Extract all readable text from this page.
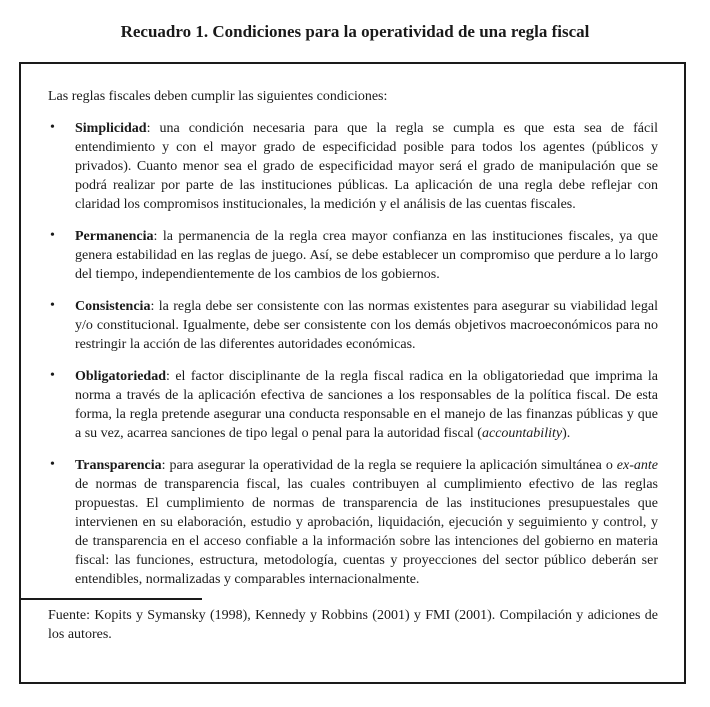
Recuadro 1. Condiciones para la operatividad de una regla fiscal

Las reglas fiscales deben cumplir las siguientes condiciones:

• Simplicidad: una condición necesaria para que la regla se cumpla es que esta sea de fácil entendimiento y con el mayor grado de especificidad posible para todos los agentes (públicos y privados). Cuanto menor sea el grado de especificidad mayor será el grado de manipulación que se podrá realizar por parte de las instituciones públicas. La aplicación de una regla debe reflejar con claridad los compromisos institucionales, la medición y el análisis de las cuentas fiscales.
• Permanencia: la permanencia de la regla crea mayor confianza en las instituciones fiscales, ya que genera estabilidad en las reglas de juego. Así, se debe establecer un compromiso que perdure a lo largo del tiempo, independientemente de los cambios de los gobiernos.
• Consistencia: la regla debe ser consistente con las normas existentes para asegurar su viabilidad legal y/o constitucional. Igualmente, debe ser consistente con los demás objetivos macroeconómicos para no restringir la acción de las diferentes autoridades económicas.
• Obligatoriedad: el factor disciplinante de la regla fiscal radica en la obligatoriedad que imprima la norma a través de la aplicación efectiva de sanciones a los responsables de la política fiscal. De esta forma, la regla pretende asegurar una conducta responsable en el manejo de las finanzas públicas y que a su vez, acarrea sanciones de tipo legal o penal para la autoridad fiscal (accountability).
• Transparencia: para asegurar la operatividad de la regla se requiere la aplicación simultánea o ex-ante de normas de transparencia fiscal, las cuales contribuyen al cumplimiento efectivo de las reglas propuestas. El cumplimiento de normas de transparencia de las instituciones presupuestales que intervienen en su elaboración, estudio y aprobación, liquidación, ejecución y seguimiento y control, y de transparencia en el acceso confiable a la información sobre las intenciones del gobierno en materia fiscal: las funciones, estructura, metodología, cuentas y proyecciones del sector público deberán ser entendibles, normalizadas y comparables internacionalmente.

Fuente: Kopits y Symansky (1998), Kennedy y Robbins (2001) y FMI (2001). Compilación y adiciones de los autores.
